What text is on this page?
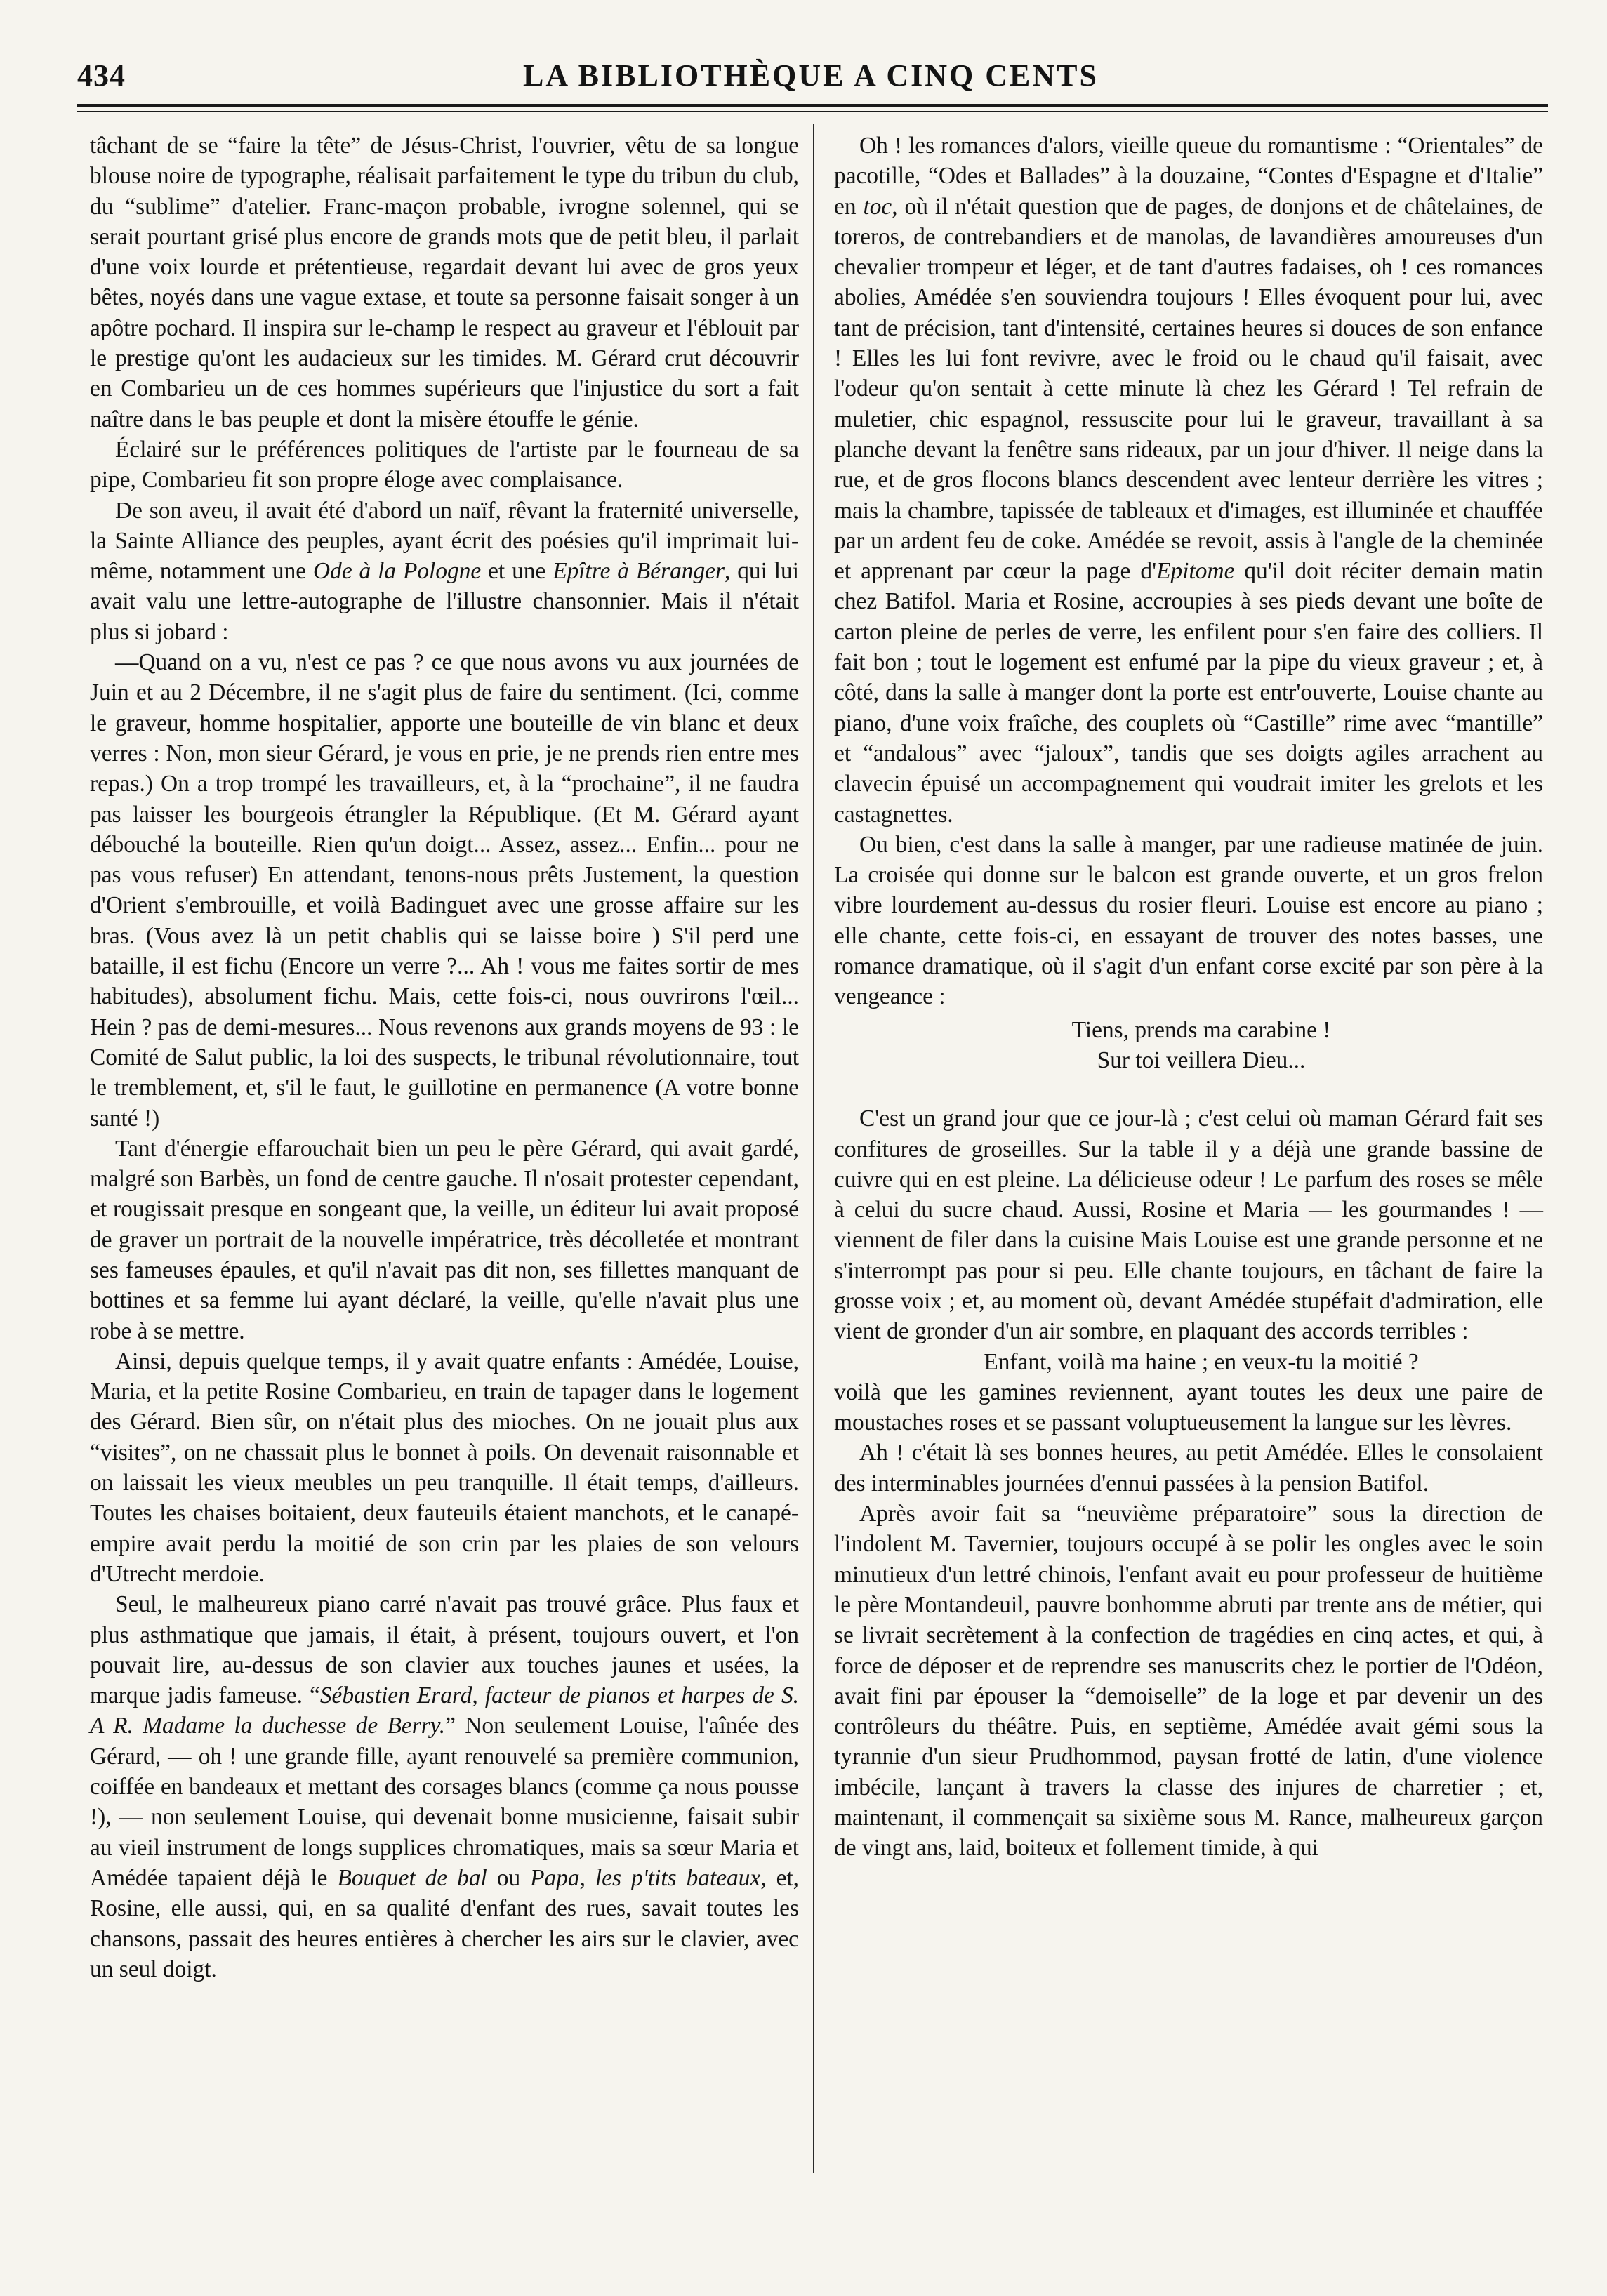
434	LA BIBLIOTHÈQUE A CINQ CENTS

tâchant de se “faire la tête” de Jésus-Christ, l'ouvrier, vêtu de sa longue blouse noire de typographe, réalisait parfaitement le type du tribun du club, du “sublime” d'atelier. Franc-maçon probable, ivrogne solennel, qui se serait pourtant grisé plus encore de grands mots que de petit bleu, il parlait d'une voix lourde et prétentieuse, regardait devant lui avec de gros yeux bêtes, noyés dans une vague extase, et toute sa personne faisait songer à un apôtre pochard. Il inspira sur le-champ le respect au graveur et l'éblouit par le prestige qu'ont les audacieux sur les timides. M. Gérard crut découvrir en Combarieu un de ces hommes supérieurs que l'injustice du sort a fait naître dans le bas peuple et dont la misère étouffe le génie.

Éclairé sur le préférences politiques de l'artiste par le fourneau de sa pipe, Combarieu fit son propre éloge avec complaisance.

De son aveu, il avait été d'abord un naïf, rêvant la fraternité universelle, la Sainte Alliance des peuples, ayant écrit des poésies qu'il imprimait lui-même, notamment une Ode à la Pologne et une Epître à Béranger, qui lui avait valu une lettre-autographe de l'illustre chansonnier. Mais il n'était plus si jobard :

—Quand on a vu, n'est ce pas ? ce que nous avons vu aux journées de Juin et au 2 Décembre, il ne s'agit plus de faire du sentiment. (Ici, comme le graveur, homme hospitalier, apporte une bouteille de vin blanc et deux verres : Non, mon sieur Gérard, je vous en prie, je ne prends rien entre mes repas.) On a trop trompé les travailleurs, et, à la “prochaine”, il ne faudra pas laisser les bourgeois étrangler la République. (Et M. Gérard ayant débouché la bouteille. Rien qu'un doigt... Assez, assez... Enfin... pour ne pas vous refuser) En attendant, tenons-nous prêts Justement, la question d'Orient s'embrouille, et voilà Badinguet avec une grosse affaire sur les bras. (Vous avez là un petit chablis qui se laisse boire ) S'il perd une bataille, il est fichu (Encore un verre ?... Ah ! vous me faites sortir de mes habitudes), absolument fichu. Mais, cette fois-ci, nous ouvrirons l'œil... Hein ? pas de demi-mesures... Nous revenons aux grands moyens de 93 : le Comité de Salut public, la loi des suspects, le tribunal révolutionnaire, tout le tremblement, et, s'il le faut, le guillotine en permanence (A votre bonne santé !)

Tant d'énergie effarouchait bien un peu le père Gérard, qui avait gardé, malgré son Barbès, un fond de centre gauche. Il n'osait protester cependant, et rougissait presque en songeant que, la veille, un éditeur lui avait proposé de graver un portrait de la nouvelle impératrice, très décolletée et montrant ses fameuses épaules, et qu'il n'avait pas dit non, ses fillettes manquant de bottines et sa femme lui ayant déclaré, la veille, qu'elle n'avait plus une robe à se mettre.

Ainsi, depuis quelque temps, il y avait quatre enfants : Amédée, Louise, Maria, et la petite Rosine Combarieu, en train de tapager dans le logement des Gérard. Bien sûr, on n'était plus des mioches. On ne jouait plus aux “visites”, on ne chassait plus le bonnet à poils. On devenait raisonnable et on laissait les vieux meubles un peu tranquille. Il était temps, d'ailleurs. Toutes les chaises boitaient, deux fauteuils étaient manchots, et le canapé-empire avait perdu la moitié de son crin par les plaies de son velours d'Utrecht merdoie.

Seul, le malheureux piano carré n'avait pas trouvé grâce. Plus faux et plus asthmatique que jamais, il était, à présent, toujours ouvert, et l'on pouvait lire, au-dessus de son clavier aux touches jaunes et usées, la marque jadis fameuse. “Sébastien Erard, facteur de pianos et harpes de S. A R. Madame la duchesse de Berry.” Non seulement Louise, l'aînée des Gérard, — oh ! une grande fille, ayant renouvelé sa première communion, coiffée en bandeaux et mettant des corsages blancs (comme ça nous pousse !), — non seulement Louise, qui devenait bonne musicienne, faisait subir au vieil instrument de longs supplices chromatiques, mais sa sœur Maria et Amédée tapaient déjà le Bouquet de bal ou Papa, les p'tits bateaux, et, Rosine, elle aussi, qui, en sa qualité d'enfant des rues, savait toutes les chansons, passait des heures entières à chercher les airs sur le clavier, avec un seul doigt.

Oh ! les romances d'alors, vieille queue du romantisme : “Orientales” de pacotille, “Odes et Ballades” à la douzaine, “Contes d'Espagne et d'Italie” en toc, où il n'était question que de pages, de donjons et de châtelaines, de toreros, de contrebandiers et de manolas, de lavandières amoureuses d'un chevalier trompeur et léger, et de tant d'autres fadaises, oh ! ces romances abolies, Amédée s'en souviendra toujours ! Elles évoquent pour lui, avec tant de précision, tant d'intensité, certaines heures si douces de son enfance ! Elles les lui font revivre, avec le froid ou le chaud qu'il faisait, avec l'odeur qu'on sentait à cette minute là chez les Gérard ! Tel refrain de muletier, chic espagnol, ressuscite pour lui le graveur, travaillant à sa planche devant la fenêtre sans rideaux, par un jour d'hiver. Il neige dans la rue, et de gros flocons blancs descendent avec lenteur derrière les vitres ; mais la chambre, tapissée de tableaux et d'images, est illuminée et chauffée par un ardent feu de coke. Amédée se revoit, assis à l'angle de la cheminée et apprenant par cœur la page d'Epitome qu'il doit réciter demain matin chez Batifol. Maria et Rosine, accroupies à ses pieds devant une boîte de carton pleine de perles de verre, les enfilent pour s'en faire des colliers. Il fait bon ; tout le logement est enfumé par la pipe du vieux graveur ; et, à côté, dans la salle à manger dont la porte est entr'ouverte, Louise chante au piano, d'une voix fraîche, des couplets où “Castille” rime avec “mantille” et “andalous” avec “jaloux”, tandis que ses doigts agiles arrachent au clavecin épuisé un accompagnement qui voudrait imiter les grelots et les castagnettes.

Ou bien, c'est dans la salle à manger, par une radieuse matinée de juin. La croisée qui donne sur le balcon est grande ouverte, et un gros frelon vibre lourdement au-dessus du rosier fleuri. Louise est encore au piano ; elle chante, cette fois-ci, en essayant de trouver des notes basses, une romance dramatique, où il s'agit d'un enfant corse excité par son père à la vengeance :

Tiens, prends ma carabine !

Sur toi veillera Dieu...

C'est un grand jour que ce jour-là ; c'est celui où maman Gérard fait ses confitures de groseilles. Sur la table il y a déjà une grande bassine de cuivre qui en est pleine. La délicieuse odeur ! Le parfum des roses se mêle à celui du sucre chaud. Aussi, Rosine et Maria — les gourmandes ! — viennent de filer dans la cuisine Mais Louise est une grande personne et ne s'interrompt pas pour si peu. Elle chante toujours, en tâchant de faire la grosse voix ; et, au moment où, devant Amédée stupéfait d'admiration, elle vient de gronder d'un air sombre, en plaquant des accords terribles :

Enfant, voilà ma haine ; en veux-tu la moitié ?

voilà que les gamines reviennent, ayant toutes les deux une paire de moustaches roses et se passant voluptueusement la langue sur les lèvres.

Ah ! c'était là ses bonnes heures, au petit Amédée. Elles le consolaient des interminables journées d'ennui passées à la pension Batifol.

Après avoir fait sa “neuvième préparatoire” sous la direction de l'indolent M. Tavernier, toujours occupé à se polir les ongles avec le soin minutieux d'un lettré chinois, l'enfant avait eu pour professeur de huitième le père Montandeuil, pauvre bonhomme abruti par trente ans de métier, qui se livrait secrètement à la confection de tragédies en cinq actes, et qui, à force de déposer et de reprendre ses manuscrits chez le portier de l'Odéon, avait fini par épouser la “demoiselle” de la loge et par devenir un des contrôleurs du théâtre. Puis, en septième, Amédée avait gémi sous la tyrannie d'un sieur Prudhommod, paysan frotté de latin, d'une violence imbécile, lançant à travers la classe des injures de charretier ; et, maintenant, il commençait sa sixième sous M. Rance, malheureux garçon de vingt ans, laid, boiteux et follement timide, à qui
